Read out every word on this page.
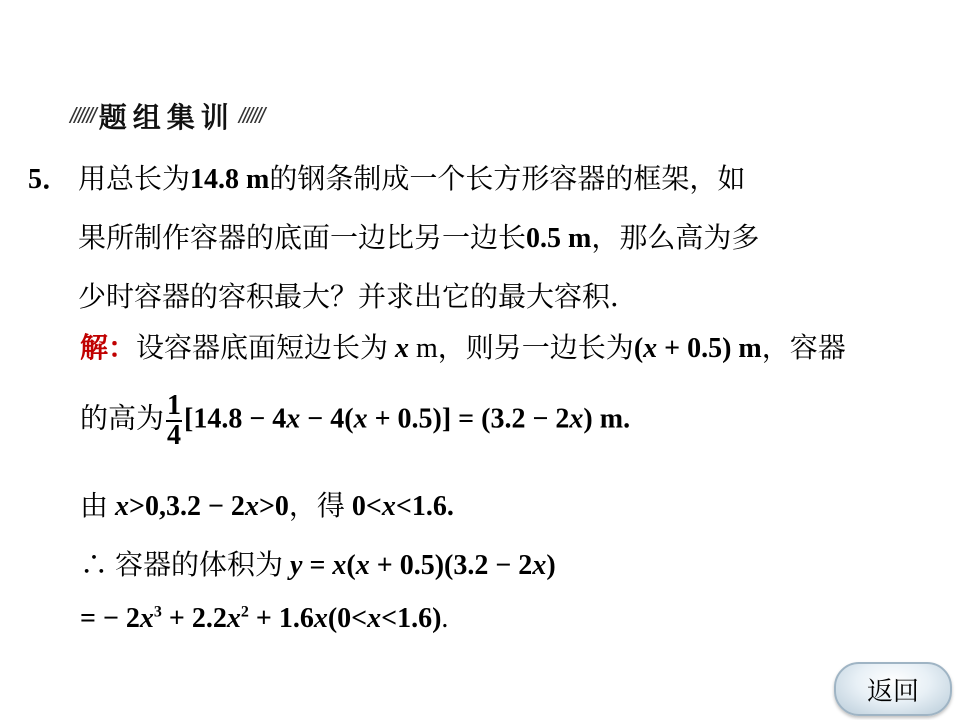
////// 题组集训 //////
5． 用总长为14.8 m的钢条制成一个长方形容器的框架，如
果所制作容器的底面一边比另一边长0.5 m，那么高为多
少时容器的容积最大？并求出它的最大容积．
解：设容器底面短边长为 x m，则另一边长为(x + 0.5) m，容器
的高为 $\frac{1}{4} [14.8 - 4x - 4(x + 0.5)] = (3.2 - 2x)$ m.
由 x>0,3.2 − 2x>0，得 0<x<1.6.
∴ 容器的体积为 y = x(x + 0.5)(3.2 − 2x)
= − $2x^3 + 2.2x^2 + 1.6x(0<x<1.6)$.
返回
